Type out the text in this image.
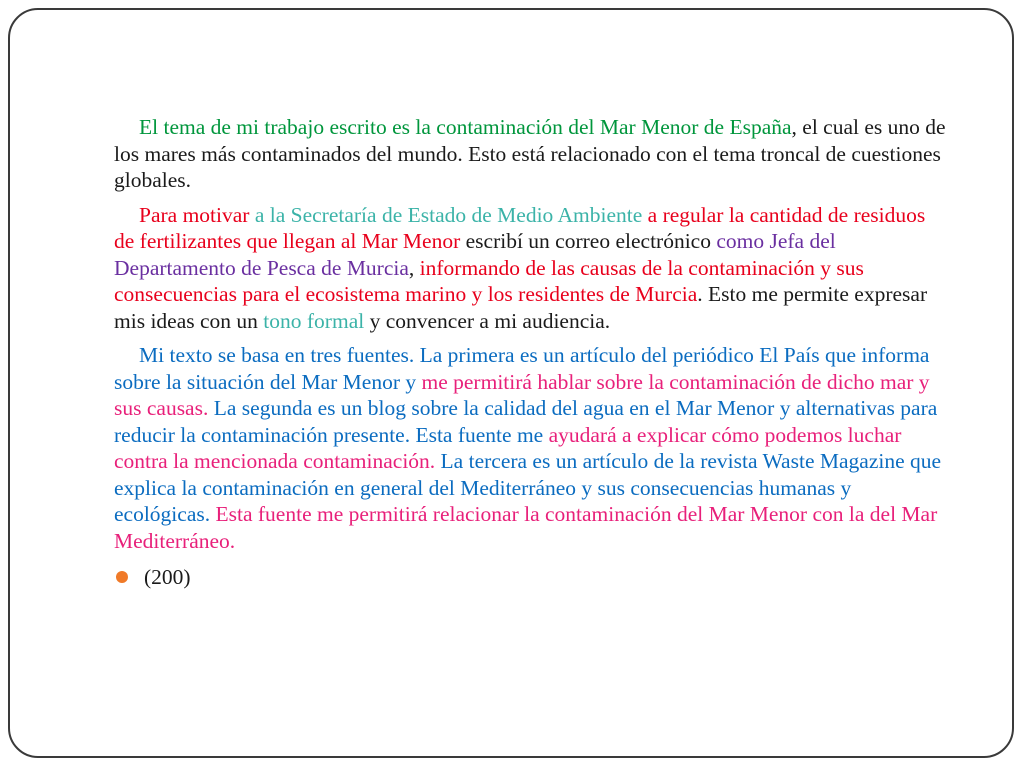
El tema de mi trabajo escrito es la contaminación del Mar Menor de España, el cual es uno de los mares más contaminados del mundo. Esto está relacionado con el tema troncal de cuestiones globales.

Para motivar a la Secretaría de Estado de Medio Ambiente a regular la cantidad de residuos de fertilizantes que llegan al Mar Menor escribí un correo electrónico como Jefa del Departamento de Pesca de Murcia, informando de las causas de la contaminación y sus consecuencias para el ecosistema marino y los residentes de Murcia. Esto me permite expresar mis ideas con un tono formal y convencer a mi audiencia.

Mi texto se basa en tres fuentes. La primera es un artículo del periódico El País que informa sobre la situación del Mar Menor y me permitirá hablar sobre la contaminación de dicho mar y sus causas. La segunda es un blog sobre la calidad del agua en el Mar Menor y alternativas para reducir la contaminación presente. Esta fuente me ayudará a explicar cómo podemos luchar contra la mencionada contaminación. La tercera es un artículo de la revista Waste Magazine que explica la contaminación en general del Mediterráneo y sus consecuencias humanas y ecológicas. Esta fuente me permitirá relacionar la contaminación del Mar Menor con la del Mar Mediterráneo.

(200)
